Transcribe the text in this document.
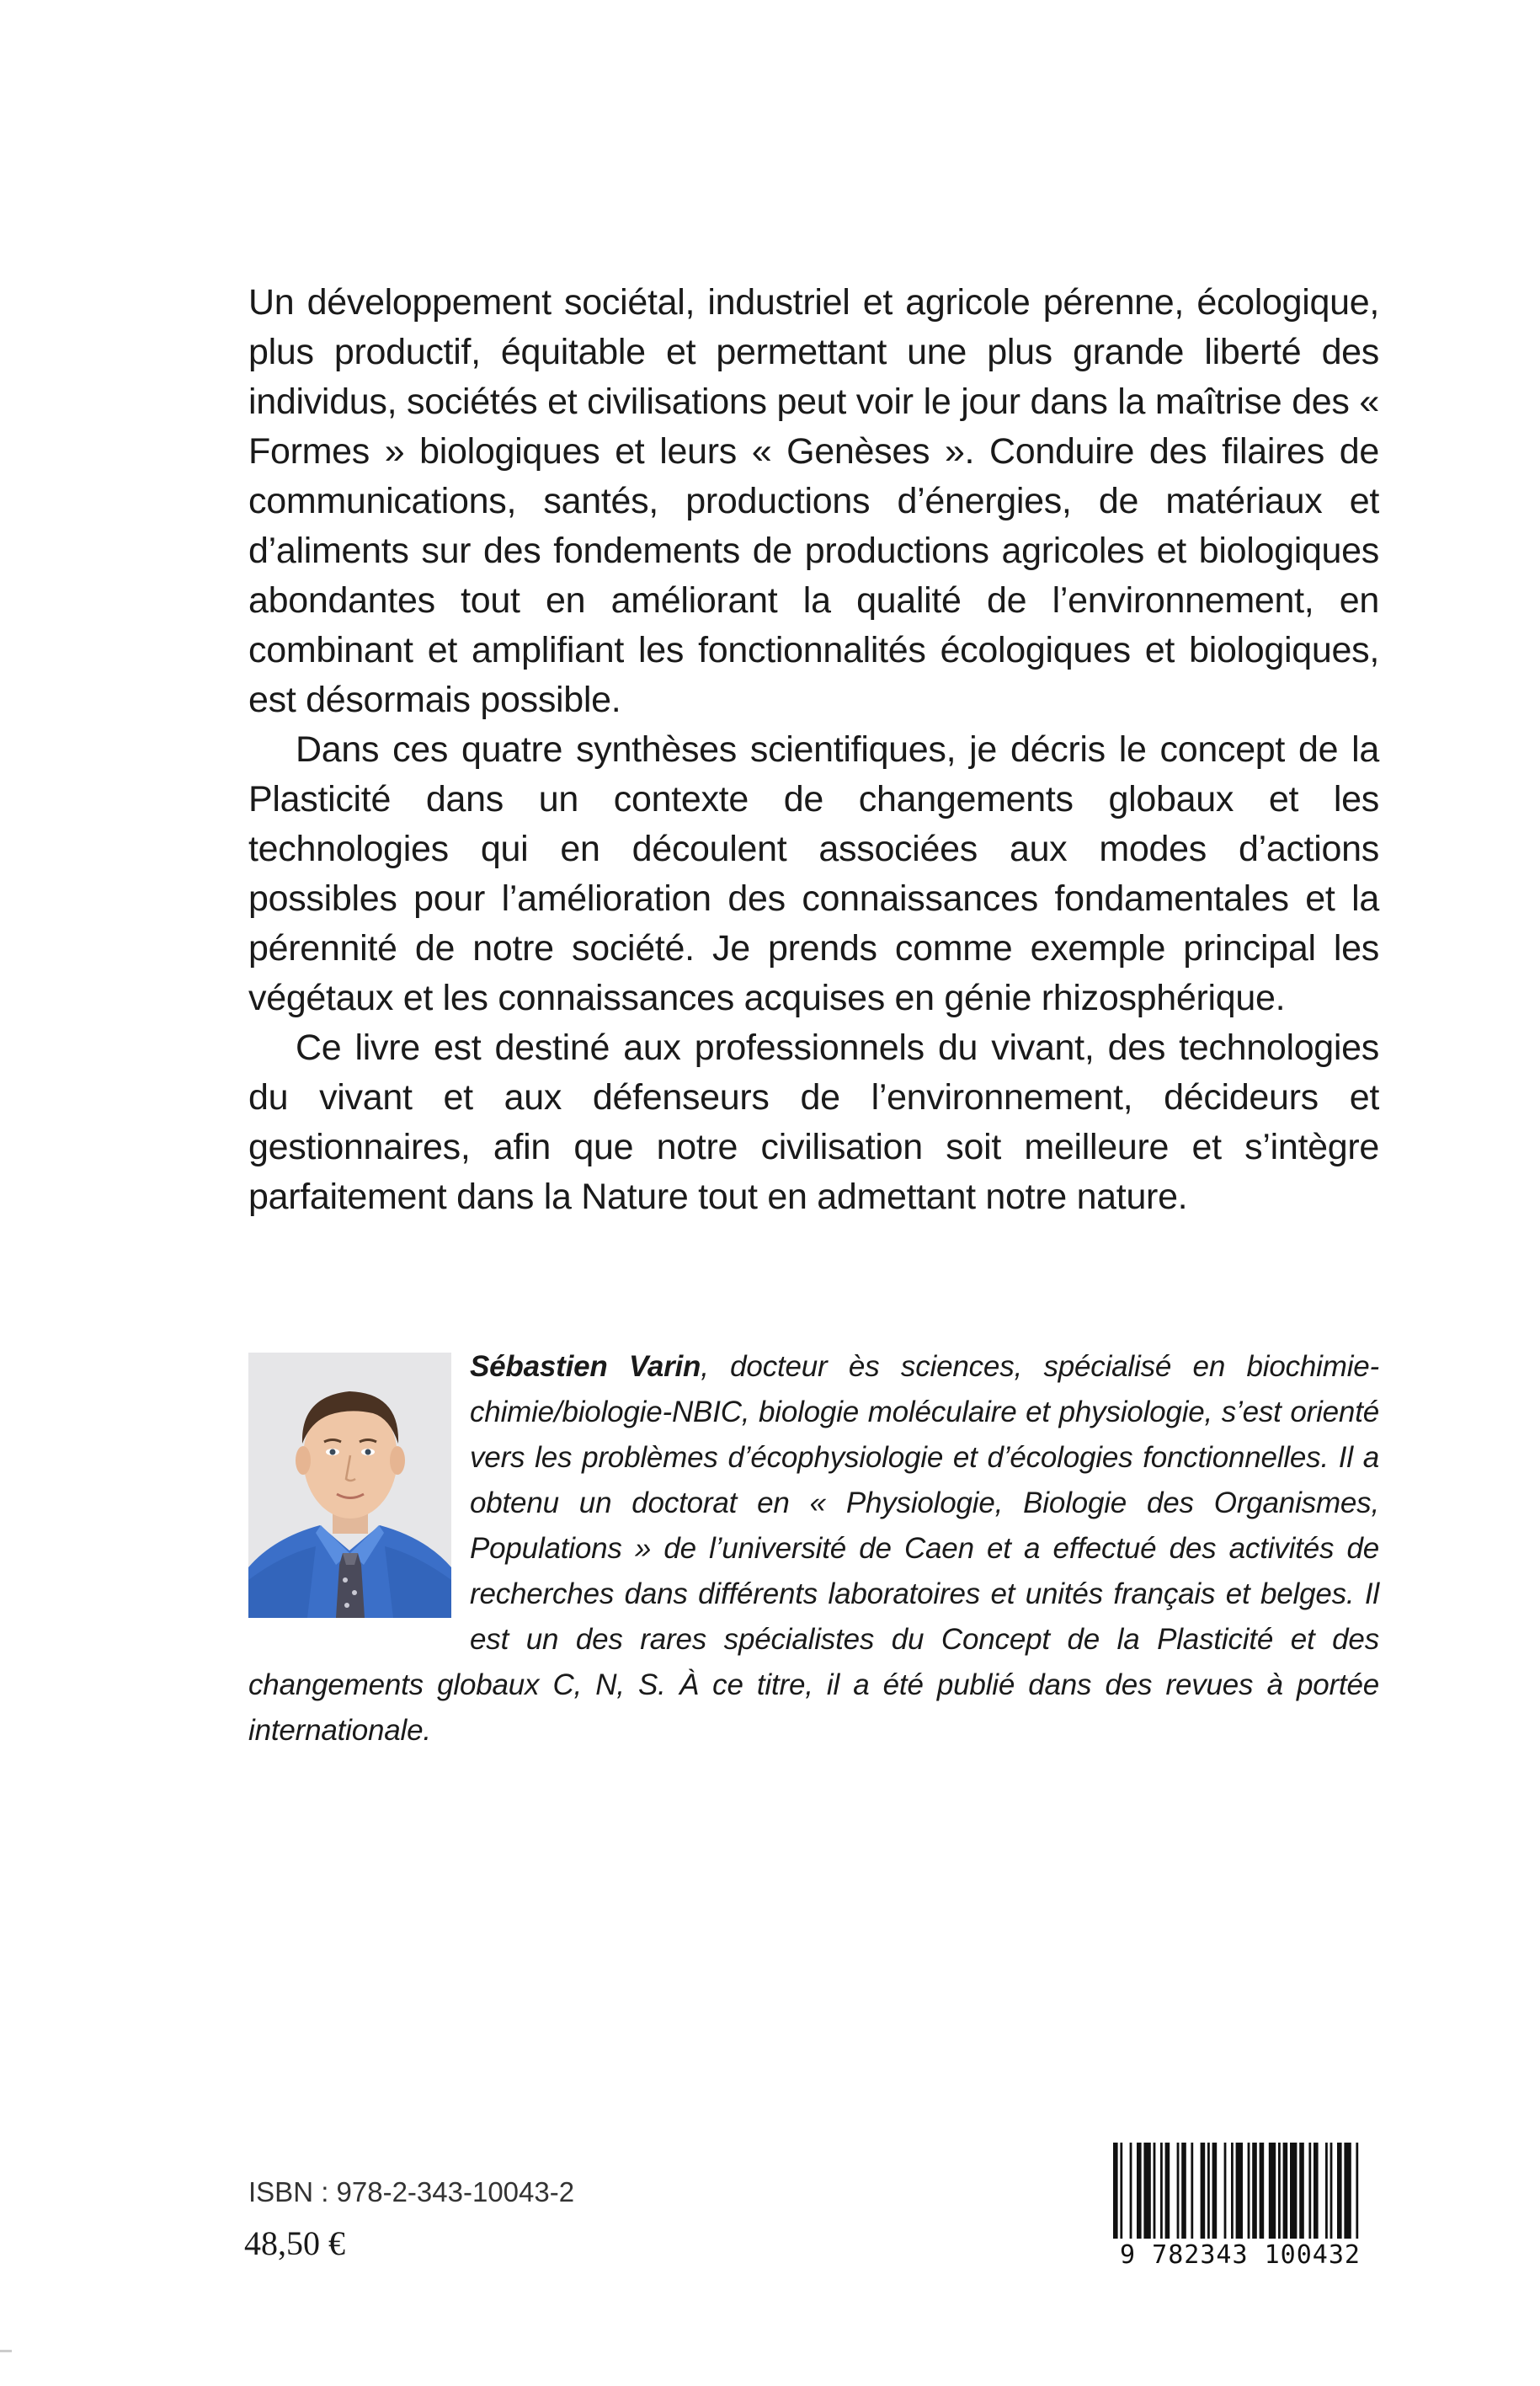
Un développement sociétal, industriel et agricole pérenne, écologique, plus productif, équitable et permettant une plus grande liberté des individus, sociétés et civilisations peut voir le jour dans la maîtrise des « Formes » biologiques et leurs « Genèses ». Conduire des filaires de communications, santés, productions d’énergies, de matériaux et d’aliments sur des fondements de productions agricoles et biologiques abondantes tout en améliorant la qualité de l’environnement, en combinant et amplifiant les fonctionnalités écologiques et biologiques, est désormais possible.

Dans ces quatre synthèses scientifiques, je décris le concept de la Plasticité dans un contexte de changements globaux et les technologies qui en découlent associées aux modes d’actions possibles pour l’amélioration des connaissances fondamentales et la pérennité de notre société. Je prends comme exemple principal les végétaux et les connaissances acquises en génie rhizosphérique.

Ce livre est destiné aux professionnels du vivant, des technologies du vivant et aux défenseurs de l’environnement, décideurs et gestionnaires, afin que notre civilisation soit meilleure et s’intègre parfaitement dans la Nature tout en admettant notre nature.

Sébastien Varin, docteur ès sciences, spécialisé en biochimie-chimie/biologie-NBIC, biologie moléculaire et physiologie, s’est orienté vers les problèmes d’écophysiologie et d’écologies fonctionnelles. Il a obtenu un doctorat en « Physiologie, Biologie des Organismes, Populations » de l’université de Caen et a effectué des activités de recherches dans différents laboratoires et unités français et belges. Il est un des rares spécialistes du Concept de la Plasticité et des changements globaux C, N, S. À ce titre, il a été publié dans des revues à portée internationale.

ISBN : 978-2-343-10043-2

48,50 €	9 782343 100432
